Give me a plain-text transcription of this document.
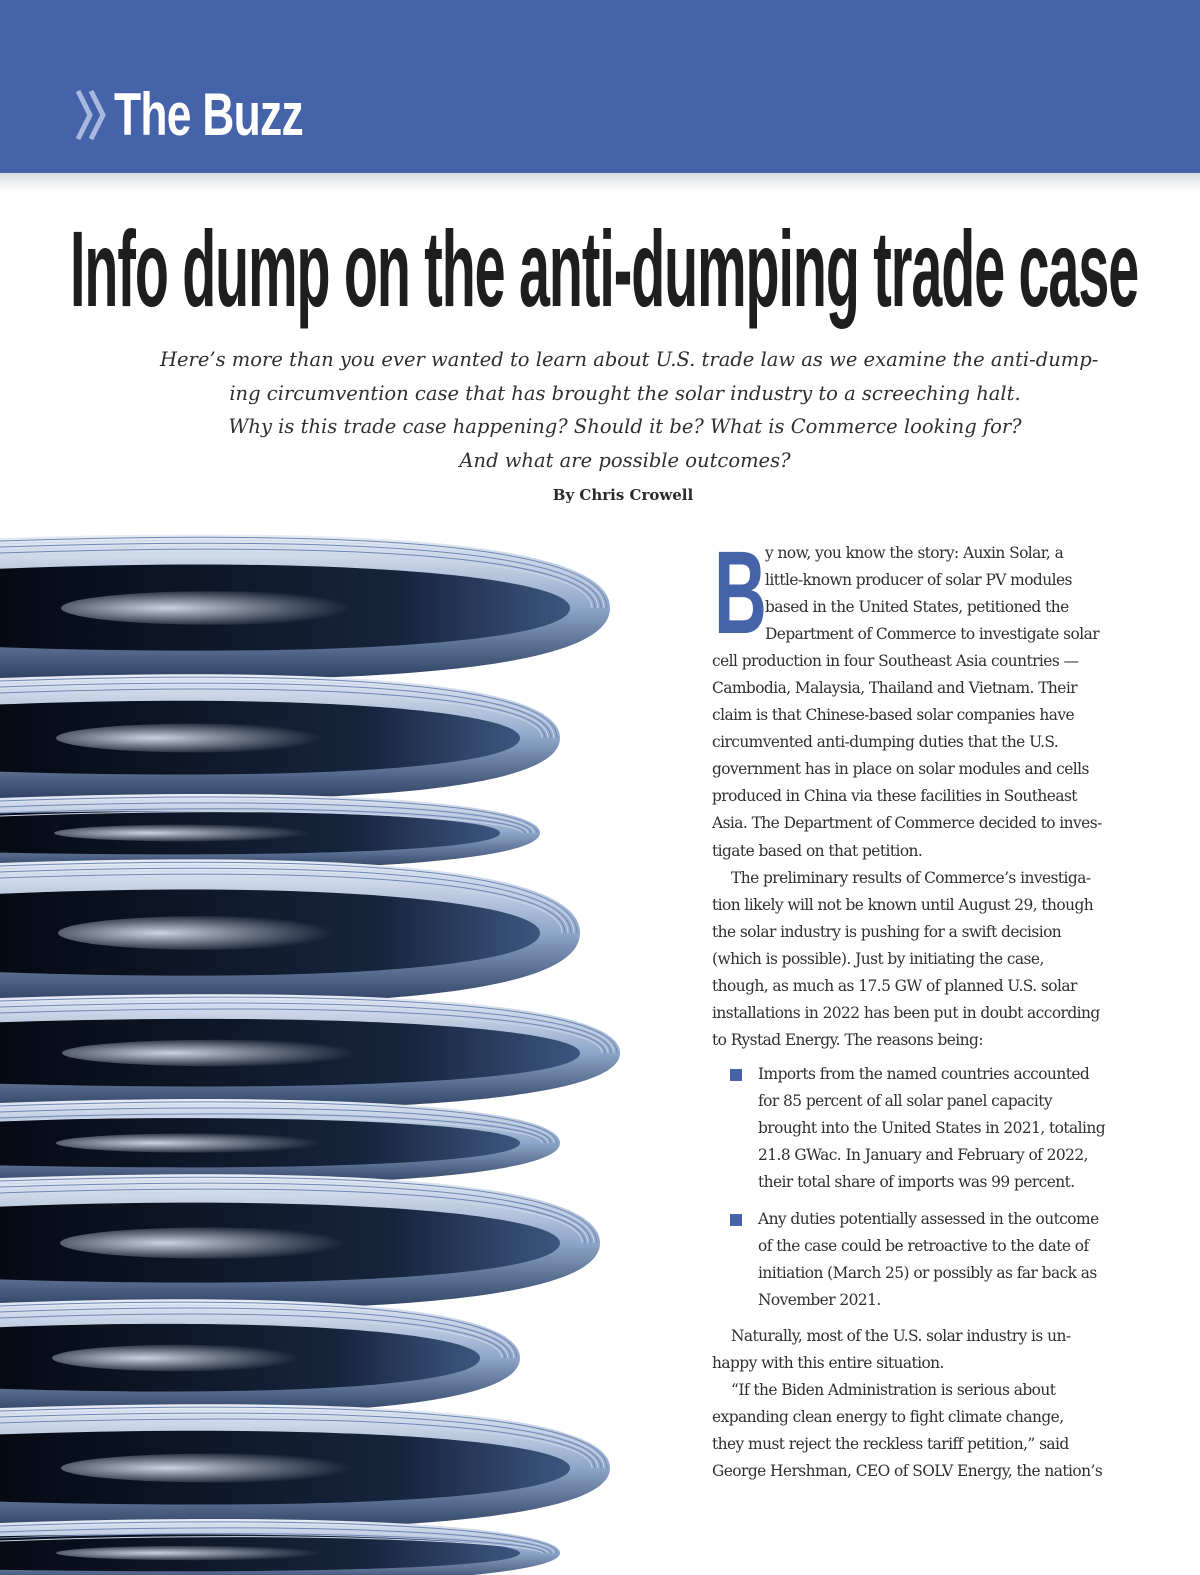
The Buzz
Info dump on the anti-dumping trade case

Here’s more than you ever wanted to learn about U.S. trade law as we examine the anti-dump-
ing circumvention case that has brought the solar industry to a screeching halt.
Why is this trade case happening? Should it be? What is Commerce looking for?
And what are possible outcomes?

By Chris Crowell
B
y now, you know the story: Auxin Solar, a
little-known producer of solar PV modules
based in the United States, petitioned the
Department of Commerce to investigate solar
cell production in four Southeast Asia countries —
Cambodia, Malaysia, Thailand and Vietnam. Their
claim is that Chinese-based solar companies have
circumvented anti-dumping duties that the U.S.
government has in place on solar modules and cells
produced in China via these facilities in Southeast
Asia. The Department of Commerce decided to inves-
tigate based on that petition.
The preliminary results of Commerce’s investiga-
tion likely will not be known until August 29, though
the solar industry is pushing for a swift decision
(which is possible). Just by initiating the case,
though, as much as 17.5 GW of planned U.S. solar
installations in 2022 has been put in doubt according
to Rystad Energy. The reasons being:
Imports from the named countries accounted
for 85 percent of all solar panel capacity
brought into the United States in 2021, totaling
21.8 GWac. In January and February of 2022,
their total share of imports was 99 percent.
Any duties potentially assessed in the outcome
of the case could be retroactive to the date of
initiation (March 25) or possibly as far back as
November 2021.
Naturally, most of the U.S. solar industry is un-
happy with this entire situation.
“If the Biden Administration is serious about
expanding clean energy to fight climate change,
they must reject the reckless tariff petition,” said
George Hershman, CEO of SOLV Energy, the nation’s
